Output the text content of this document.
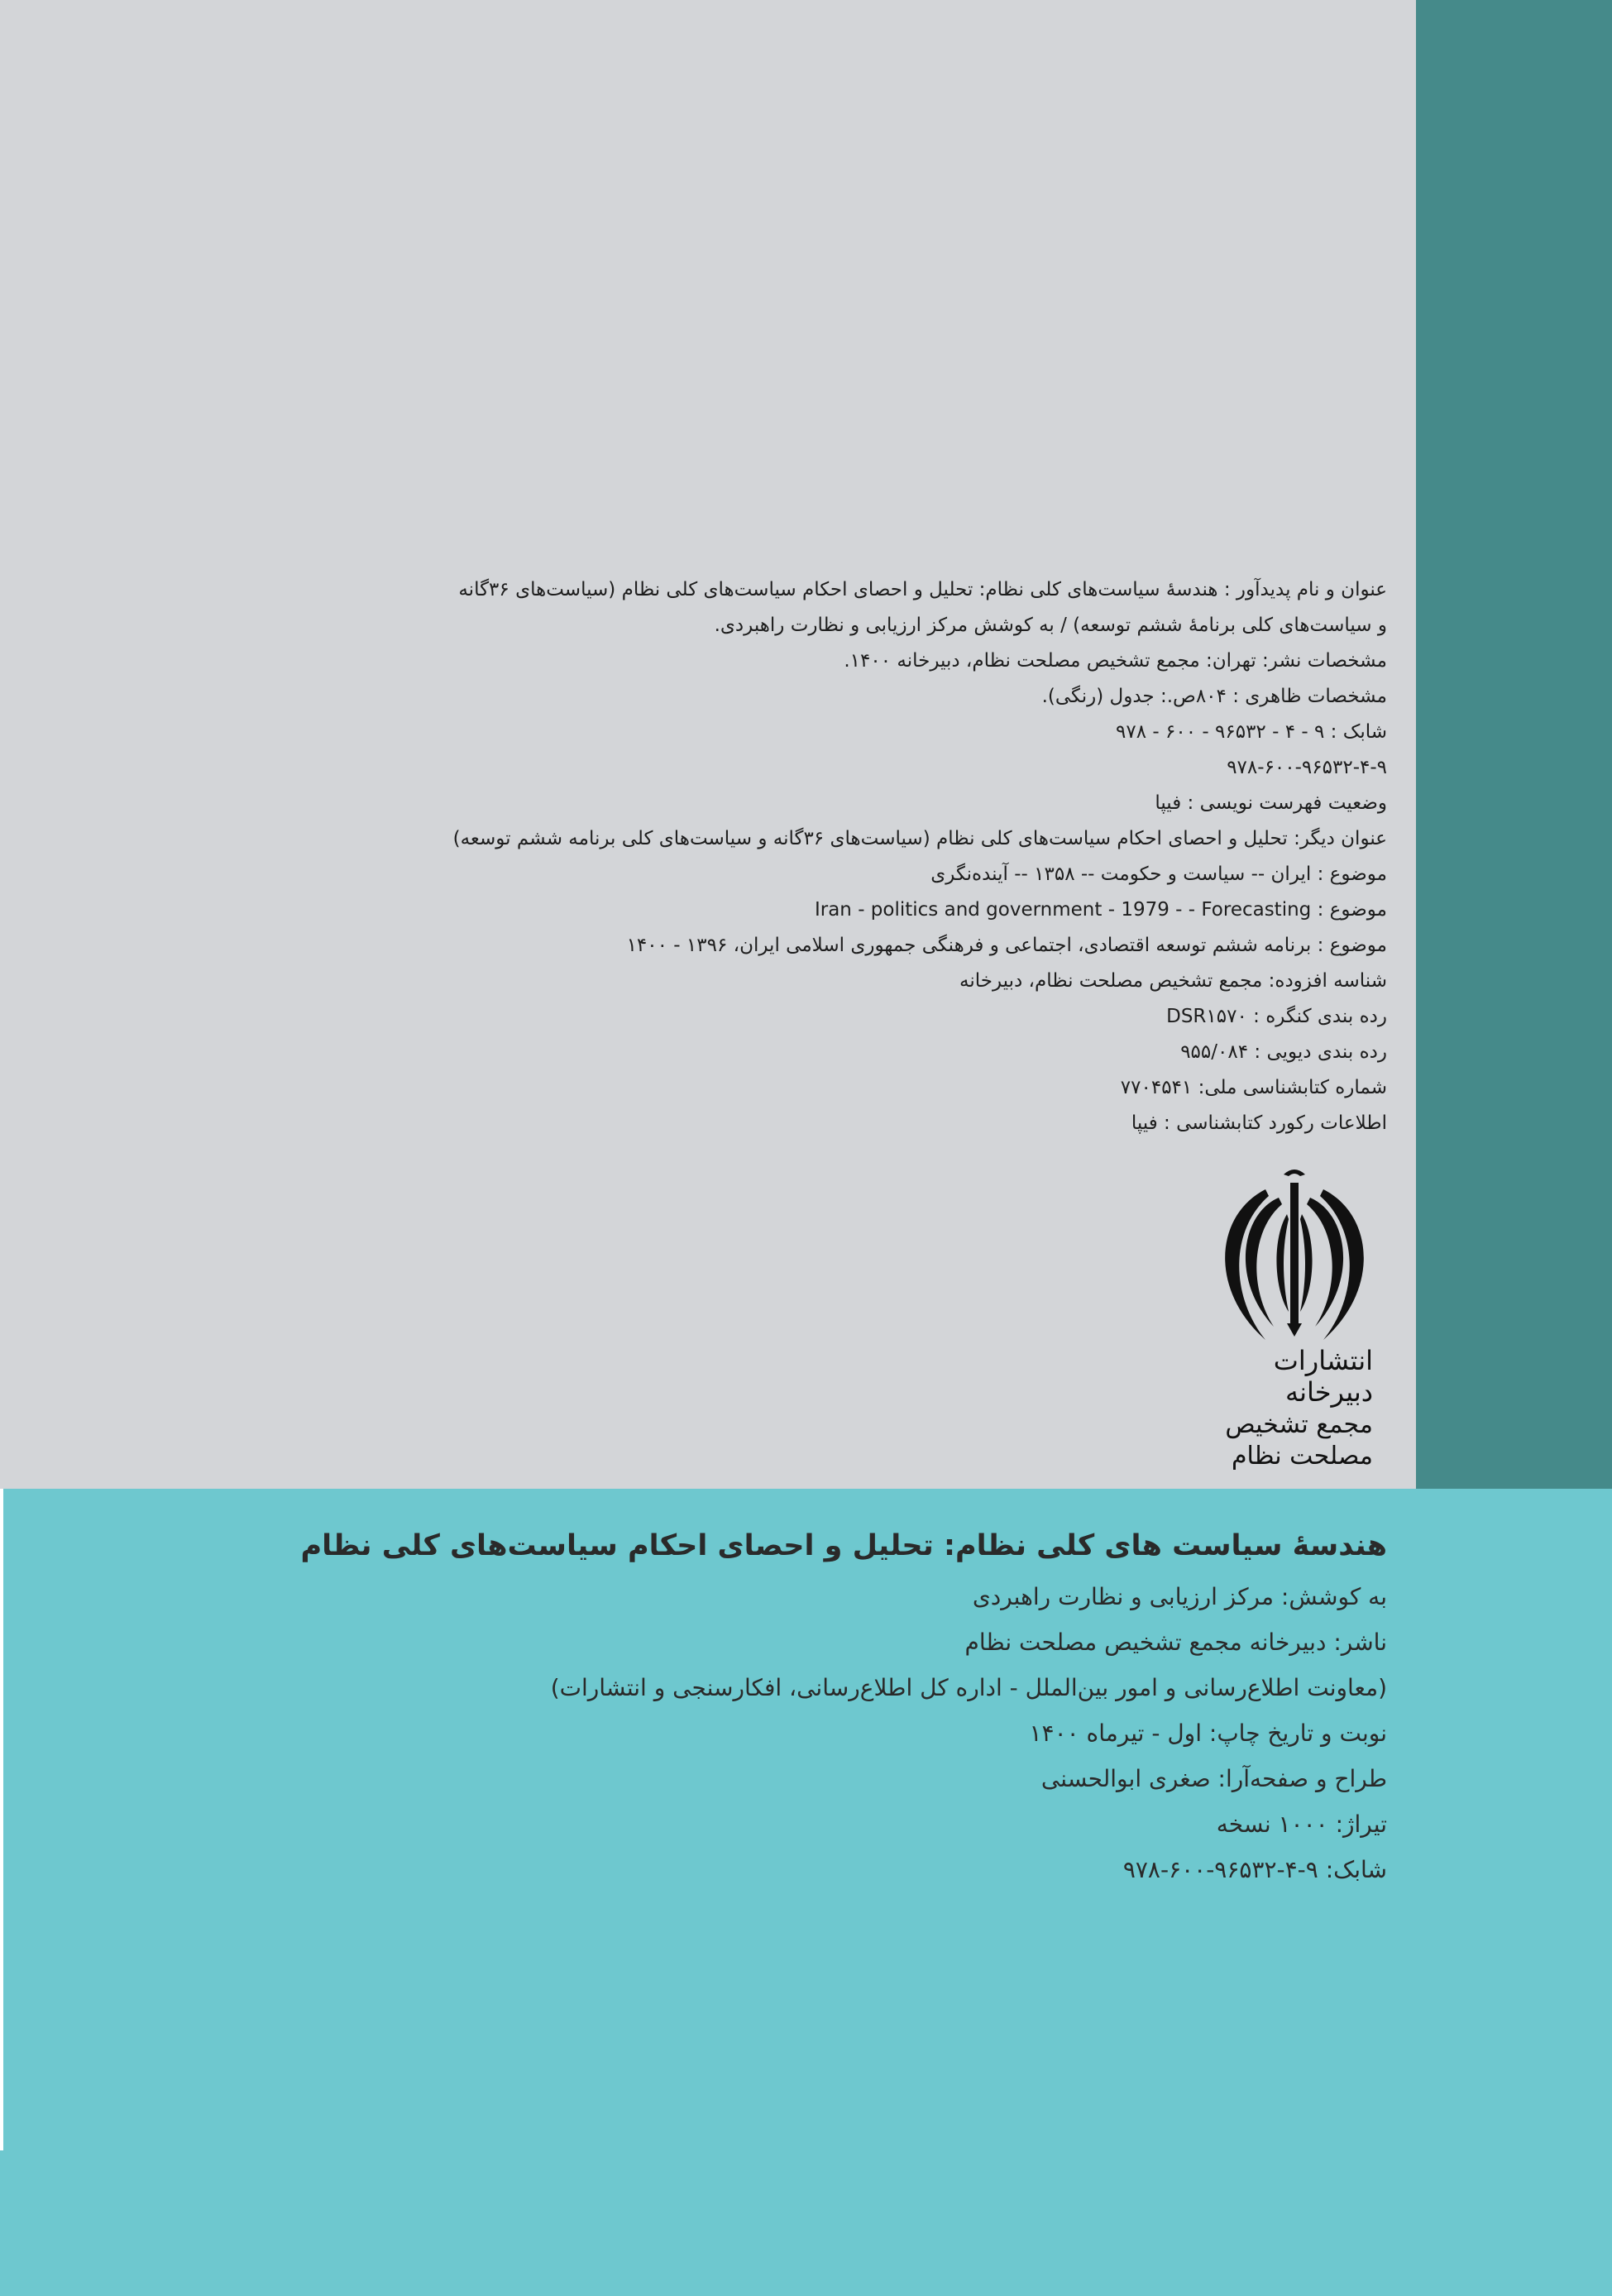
عنوان و نام پدیدآور : هندسهٔ سیاست‌های کلی نظام: تحلیل و احصای احکام سیاست‌های کلی نظام (سیاست‌های ۳۶گانه
و سیاست‌های کلی برنامهٔ ششم توسعه) / به کوشش مرکز ارزیابی و نظارت راهبردی.
مشخصات نشر: تهران: مجمع تشخیص مصلحت نظام، دبیرخانه ۱۴۰۰.
مشخصات ظاهری : ۸۰۴ص.: جدول (رنگی).
شابک : ۹ - ۴ - ۹۶۵۳۲ - ۶۰۰ - ۹۷۸
۹۷۸-۶۰۰-۹۶۵۳۲-۴-۹
وضعیت فهرست نویسی : فیپا
عنوان دیگر: تحلیل و احصای احکام سیاست‌های کلی نظام (سیاست‌های ۳۶گانه و سیاست‌های کلی برنامه ششم توسعه)
موضوع : ایران -- سیاست و حکومت -- ۱۳۵۸ -- آینده‌نگری
موضوع : Iran - politics and government - 1979 - - Forecasting
موضوع : برنامه ششم توسعه اقتصادی، اجتماعی و فرهنگی جمهوری اسلامی ایران، ۱۳۹۶ - ۱۴۰۰
شناسه افزوده: مجمع تشخیص مصلحت نظام، دبیرخانه
رده بندی کنگره : DSR۱۵۷۰
رده بندی دیویی : ۹۵۵/۰۸۴
شماره کتابشناسی ملی: ۷۷۰۴۵۴۱
اطلاعات رکورد کتابشناسی : فیپا
انتشارات
دبیرخانه
مجمع تشخیص
مصلحت نظام
هندسهٔ سیاست های کلی نظام: تحلیل و احصای احکام سیاست‌های کلی نظام
به کوشش: مرکز ارزیابی و نظارت راهبردی
ناشر: دبیرخانه مجمع تشخیص مصلحت نظام
(معاونت اطلاع‌رسانی و امور بین‌الملل - اداره کل اطلاع‌رسانی، افکارسنجی و انتشارات)
نوبت و تاریخ چاپ: اول - تیرماه ۱۴۰۰
طراح و صفحه‌آرا: صغری ابوالحسنی
تیراژ: ۱۰۰۰ نسخه
شابک: ۹-۴-۹۶۵۳۲-۶۰۰-۹۷۸
